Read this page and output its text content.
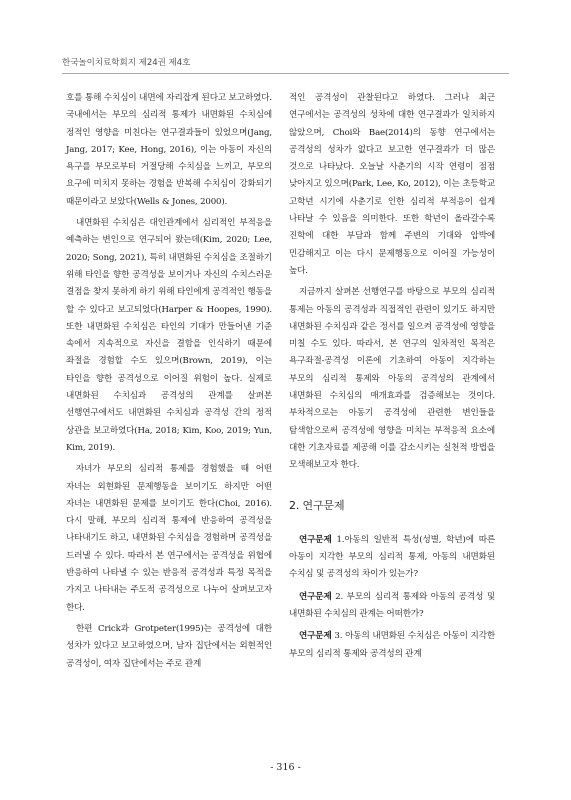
한국놀이치료학회지 제24권 제4호

호를 통해 수치심이 내면에 자리잡게 된다고 보고하였다. 국내에서는 부모의 심리적 통제가 내면화된 수치심에 정적인 영향을 미친다는 연구결과들이 있었으며(Jang, Jang, 2017; Kee, Hong, 2016), 이는 아동이 자신의 욕구를 부모로부터 거절당해 수치심을 느끼고, 부모의 요구에 미치지 못하는 경험을 반복해 수치심이 강화되기 때문이라고 보았다(Wells & Jones, 2000).

내면화된 수치심은 대인관계에서 심리적인 부적응을 예측하는 변인으로 연구되어 왔는데(Kim, 2020; Lee, 2020; Song, 2021), 특히 내면화된 수치심을 조절하기 위해 타인을 향한 공격성을 보이거나 자신의 수치스러운 결점을 찾지 못하게 하기 위해 타인에게 공격적인 행동을 할 수 있다고 보고되었다(Harper & Hoopes, 1990). 또한 내면화된 수치심은 타인의 기대가 만들어낸 기준 속에서 지속적으로 자신을 결함을 인식하기 때문에 좌절을 경험할 수도 있으며(Brown, 2019), 이는 타인을 향한 공격성으로 이어질 위험이 높다. 실제로 내면화된 수치심과 공격성의 관계를 살펴본 선행연구에서도 내면화된 수치심과 공격성 간의 정적 상관을 보고하였다(Ha, 2018; Kim, Koo, 2019; Yun, Kim, 2019).

자녀가 부모의 심리적 통제를 경험했을 때 어떤 자녀는 외현화된 문제행동을 보이기도 하지만 어떤 자녀는 내면화된 문제를 보이기도 한다(Choi, 2016). 다시 말해, 부모의 심리적 통제에 반응하여 공격성을 나타내기도 하고, 내면화된 수치심을 경험하며 공격성을 드러낼 수 있다. 따라서 본 연구에서는 공격성을 위협에 반응하여 나타낼 수 있는 반응적 공격성과 특정 목적을 가지고 나타내는 주도적 공격성으로 나누어 살펴보고자 한다.

한편 Crick과 Grotpeter(1995)는 공격성에 대한 성차가 있다고 보고하였으며, 남자 집단에서는 외현적인 공격성이, 여자 집단에서는 주로 관계

적인 공격성이 관찰된다고 하였다. 그러나 최근 연구에서는 공격성의 성차에 대한 연구결과가 일치하지 않았으며, Choi와 Bae(2014)의 동향 연구에서는 공격성의 성차가 없다고 보고한 연구결과가 더 많은 것으로 나타났다. 오늘날 사춘기의 시작 연령이 점점 낮아지고 있으며(Park, Lee, Ko, 2012), 이는 초등학교 고학년 시기에 사춘기로 인한 심리적 부적응이 쉽게 나타날 수 있음을 의미한다. 또한 학년이 올라갈수록 진학에 대한 부담과 함께 주변의 기대와 압박에 민감해지고 이는 다시 문제행동으로 이어질 가능성이 높다.

지금까지 살펴본 선행연구를 바탕으로 부모의 심리적 통제는 아동의 공격성과 직접적인 관련이 있기도 하지만 내면화된 수치심과 같은 정서를 일으켜 공격성에 영향을 미칠 수도 있다. 따라서, 본 연구의 일차적인 목적은 욕구좌절-공격성 이론에 기초하여 아동이 지각하는 부모의 심리적 통제와 아동의 공격성의 관계에서 내면화된 수치심의 매개효과를 검증해보는 것이다. 부차적으로는 아동기 공격성에 관련한 변인들을 탐색함으로써 공격성에 영향을 미치는 부적응적 요소에 대한 기초자료를 제공해 이를 감소시키는 실천적 방법을 모색해보고자 한다.

2. 연구문제

연구문제 1.아동의 일반적 특성(성별, 학년)에 따른 아동이 지각한 부모의 심리적 통제, 아동의 내면화된 수치심 및 공격성의 차이가 있는가?

연구문제 2. 부모의 심리적 통제와 아동의 공격성 및 내면화된 수치심의 관계는 어떠한가?

연구문제 3. 아동의 내면화된 수치심은 아동이 지각한 부모의 심리적 통제와 공격성의 관계

- 316 -
